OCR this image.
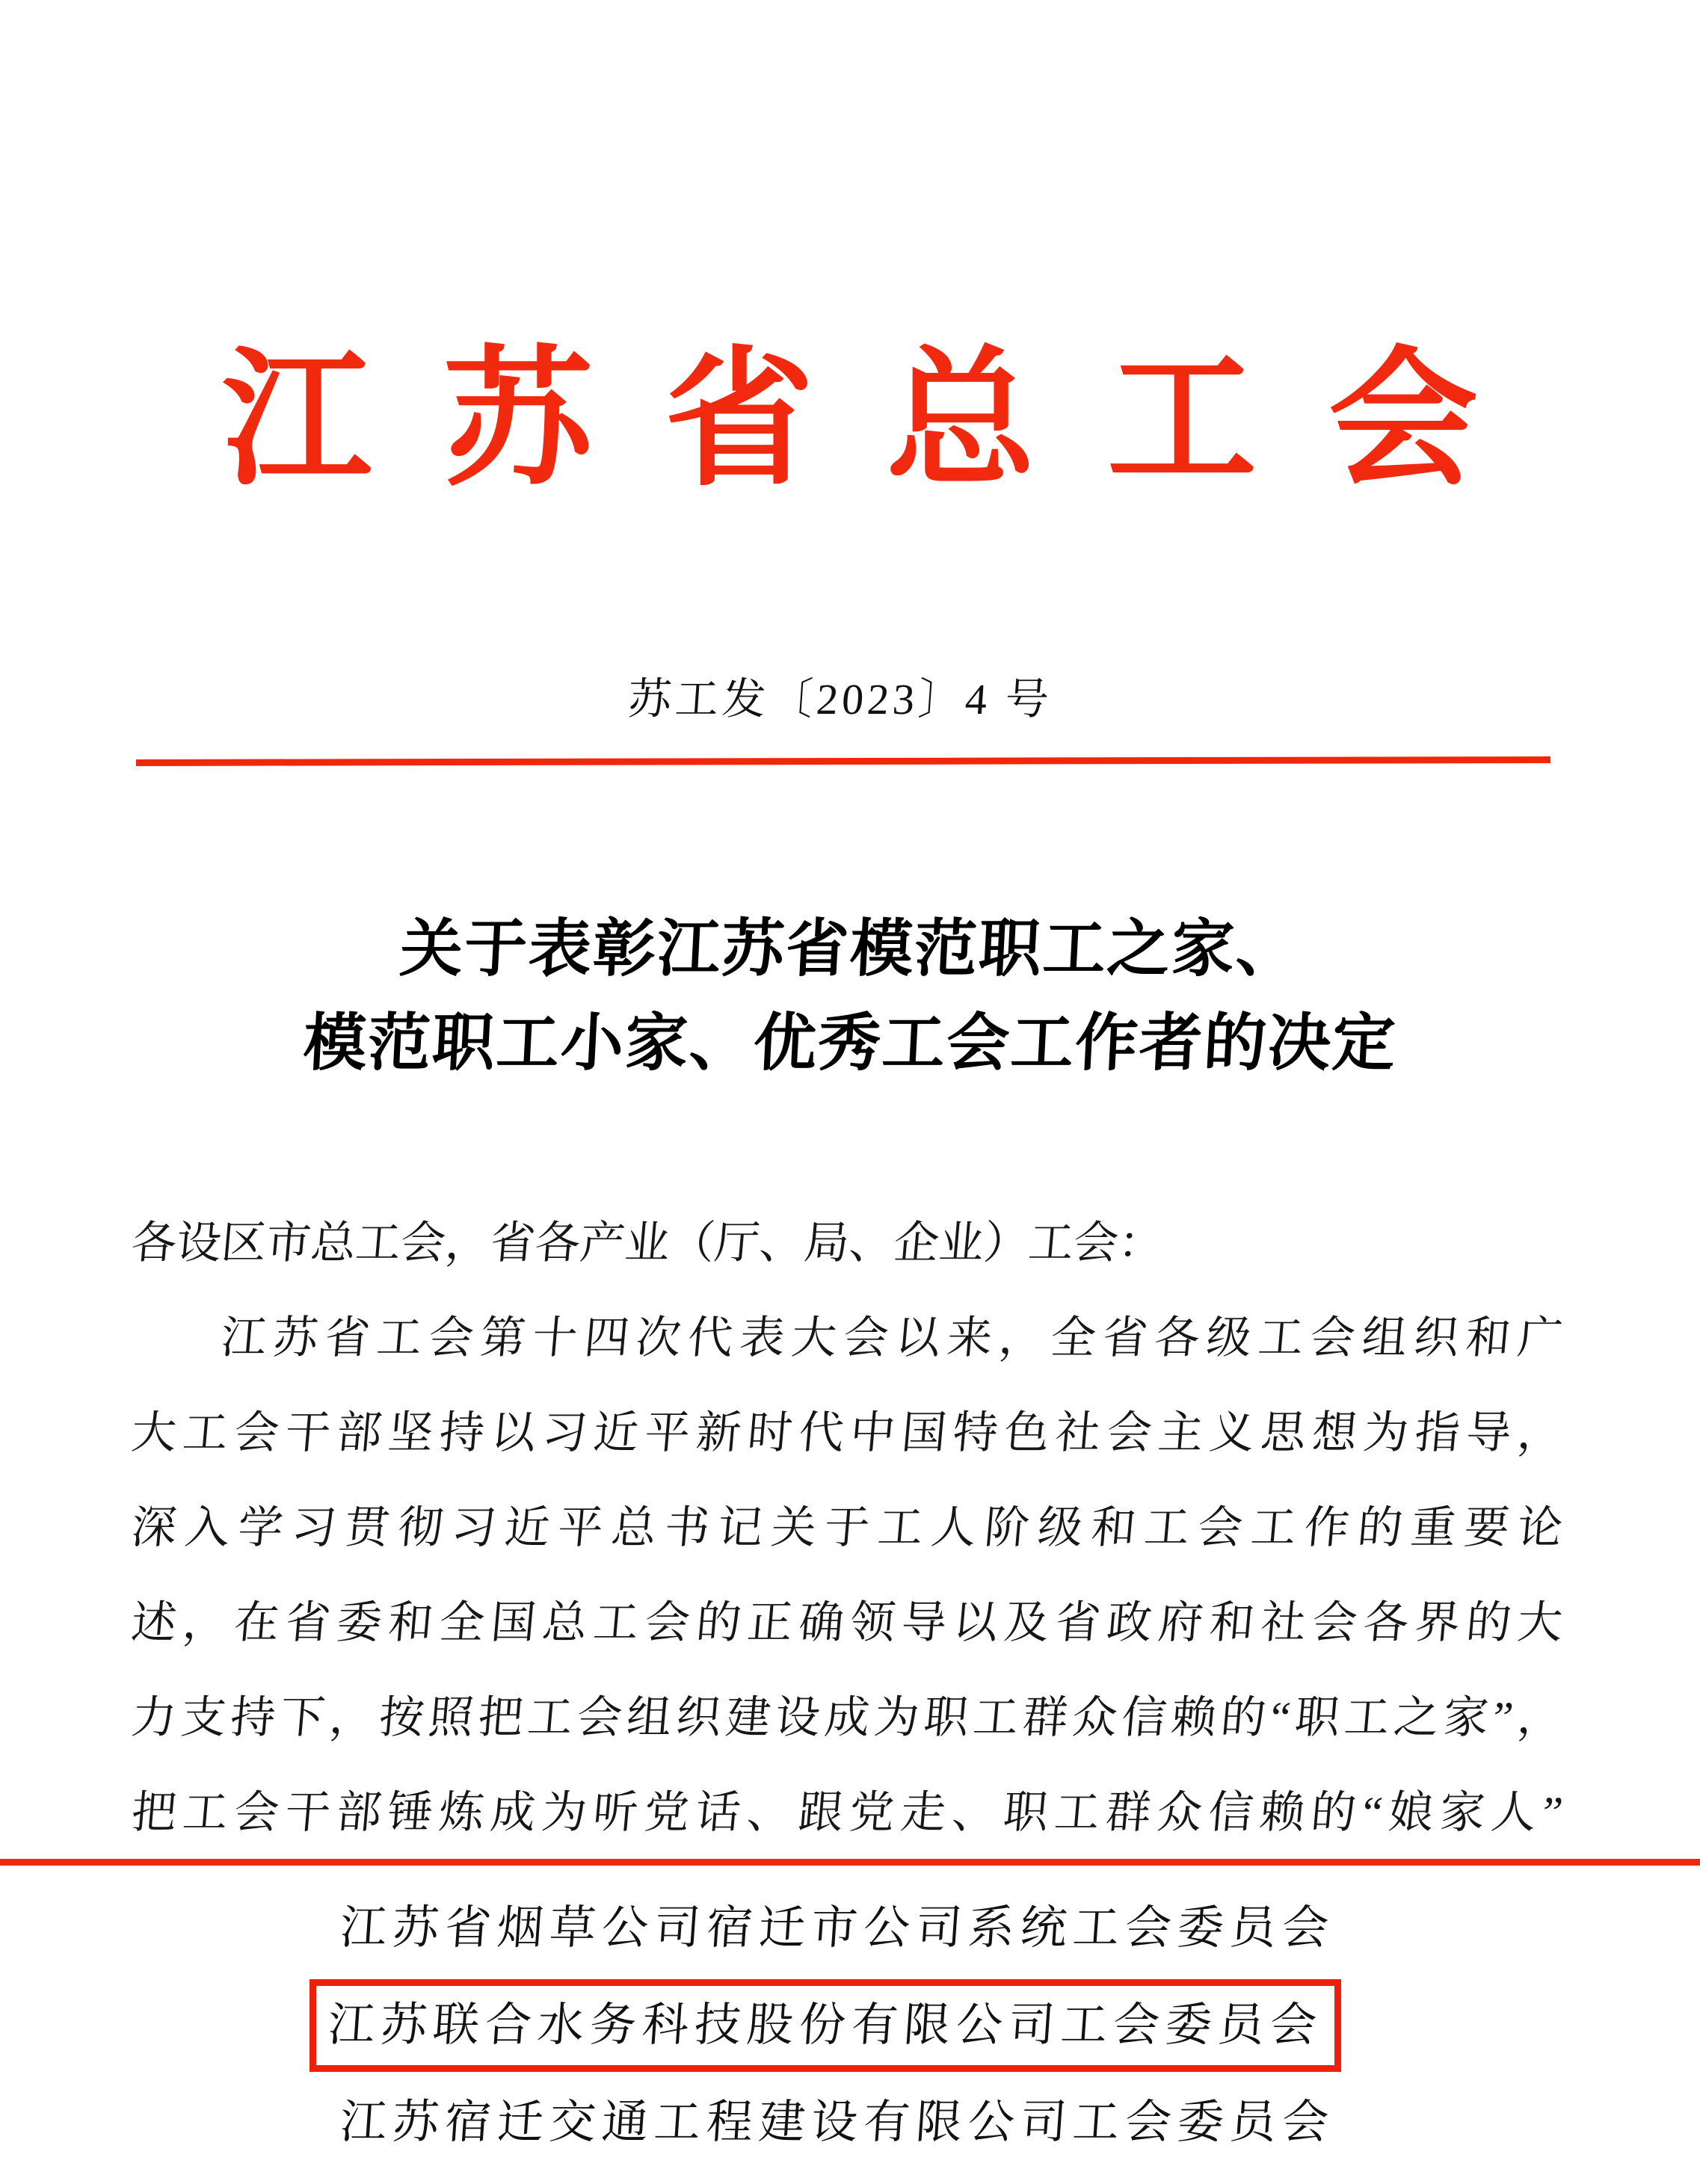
江苏省总工会
苏工发〔2023〕4 号
关于表彰江苏省模范职工之家、
模范职工小家、优秀工会工作者的决定
各设区市总工会，省各产业（厅、局、企业）工会：
江苏省工会第十四次代表大会以来，全省各级工会组织和广
大工会干部坚持以习近平新时代中国特色社会主义思想为指导，
深入学习贯彻习近平总书记关于工人阶级和工会工作的重要论
述，在省委和全国总工会的正确领导以及省政府和社会各界的大
力支持下，按照把工会组织建设成为职工群众信赖的“职工之家”，
把工会干部锤炼成为听党话、跟党走、职工群众信赖的“娘家人”
江苏省烟草公司宿迁市公司系统工会委员会
江苏联合水务科技股份有限公司工会委员会
江苏宿迁交通工程建设有限公司工会委员会
